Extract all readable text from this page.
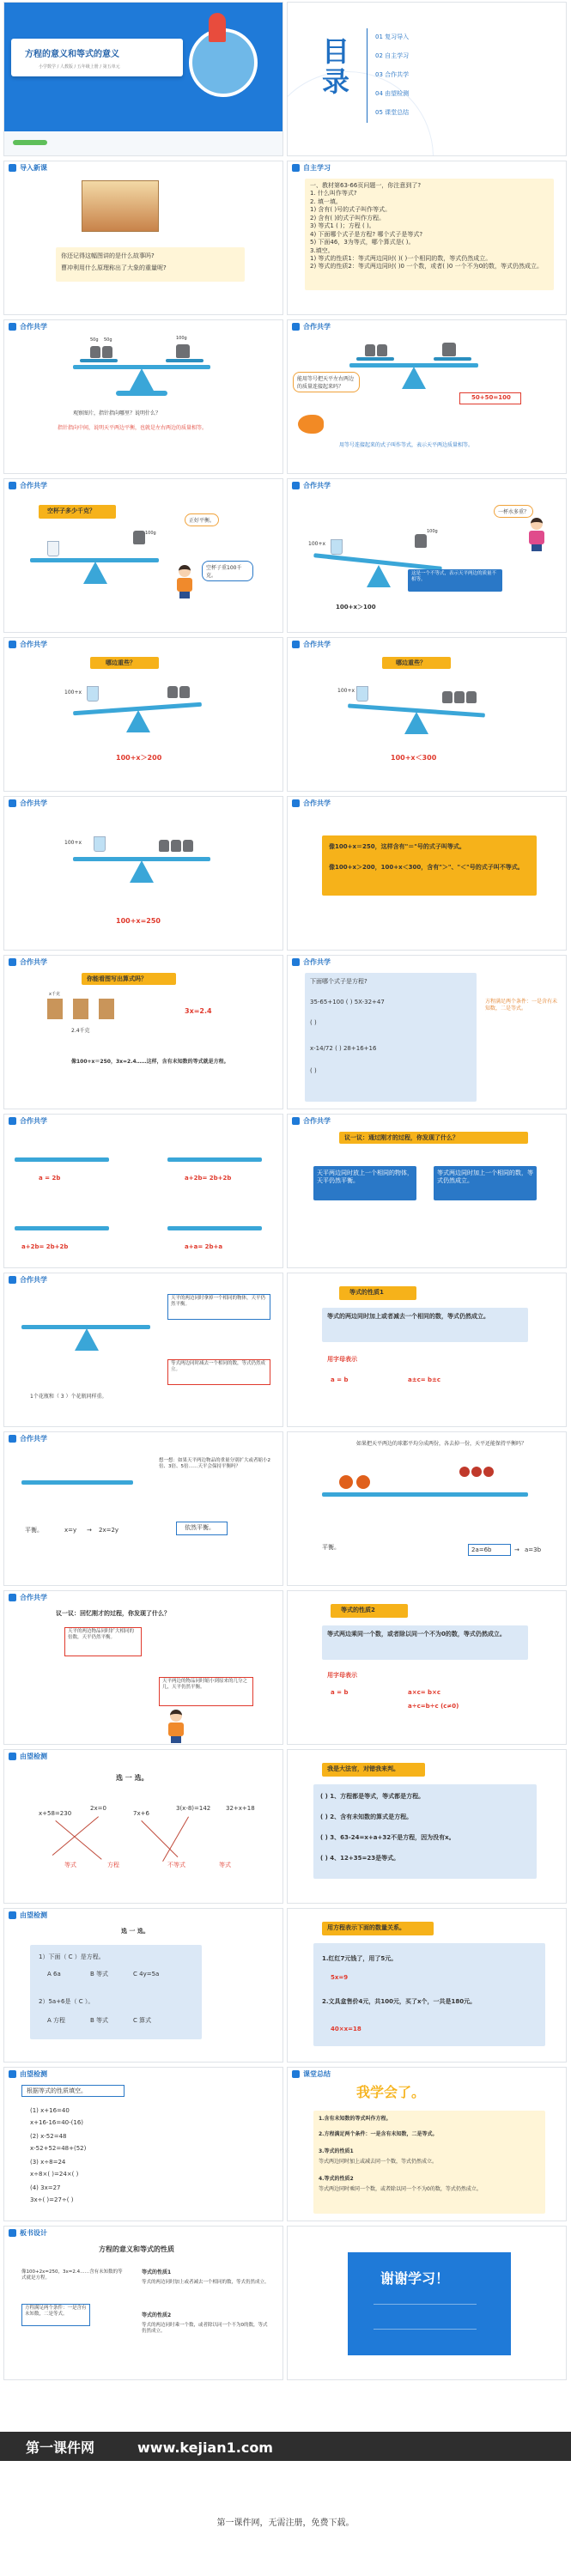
方程的意义和等式的意义
小学数学 / 人教版 / 五年级上册 / 第五单元	目录
01 复习导入
02 自主学习
03 合作共学
04 由望检测
05 课堂总结
导入新课
你还记得这幅图讲的是什么故事吗?
曹冲利用什么原理称出了大象的重量呢?
自主学习
一、教材第63-66页问题一，你注意到了?
1. 什么叫作等式?
2. 填一填。
1) 含有( )号的式子叫作等式。
2) 含有( )的式子叫作方程。
3) 等式1 ( )；方程 ( )。
4) 下面哪个式子是方程? 哪个式子是等式?
5) 下面46，3为等式，哪个算式是( )。
3.填空。
1) 等式的性质1：等式两边同时( )( )一个相同的数，等式仍然成立。
2) 等式的性质2：等式两边同时( )0 一个数，或者( )0 一个不为0的数，等式仍然成立。
合作共学
50g 50g	100g
观察图片，指针指向哪里？说明什么？
指针指向中间，说明天平两边平衡，也就是左右两边的质量相等。
合作共学
能用等号把天平左右两边的质量连接起来吗？
50+50=100
用等号连接起来的式子叫作等式，表示天平两边质量相等。
合作共学
空杯子多少千克？
100g
正好平衡。
空杯子重100千克。
合作共学
一杯水多重？
100+x
100g
这是一个不等式，表示天平两边的质量不相等。
100+x＞100
合作共学
哪边重些？
100+x
100+x＞200
合作共学
哪边重些？
100+x
100+x＜300
合作共学
100+x
100+x=250
合作共学
像100+x＝250，这样含有"＝"号的式子叫等式。
像100+x＞200，100+x＜300，含有"＞"、"＜"号的式子叫不等式。
合作共学
你能看图写出算式吗？
x千克
2.4千克
3x=2.4
像100+x＝250，3x=2.4……这样，含有未知数的等式就是方程。
合作共学
下面哪个式子是方程?
35-65+100 ( ) 5X-32+47
( )
x-14/72 ( ) 28+16+16
( )
方程满足两个条件：一是含有未知数，二是等式。
合作共学
a = 2b	a+2b= 2b+2b
a+2b= 2b+2b	a+a= 2b+a
合作共学
议一议：通过刚才的过程，你发现了什么？
天平两边同时放上一个相同的物体，天平仍然平衡。
等式两边同时加上一个相同的数，等式仍然成立。
合作共学
天平的两边同时拿掉一个相同的物体，天平仍然平衡。
等式两边同时减去一个相同的数，等式仍然成立。
1个花瓶和（ 3 ）个花瓶同样重。
等式的性质1
等式的两边同时加上或者减去一个相同的数，等式仍然成立。
用字母表示
a = b	a±c= b±c
合作共学
想一想：如果天平两边物品的重量分别扩大或者缩小2倍、3倍、5倍……天平会保持平衡吗？
平衡。	x=y → 2x=2y	依然平衡。
如果把天平两边的球都平均分成两份，各去掉一份，天平还能保持平衡吗？
平衡。	2a=6b	→ a=3b
合作共学
议一议：回忆刚才的过程，你发现了什么？
天平的两边物品同时扩大相同的倍数，天平仍然平衡。
天平两边的物品同时缩小到原来的几分之几，天平仍然平衡。
等式的性质2
等式两边乘同一个数，或者除以同一个不为0的数，等式仍然成立。
用字母表示
a = b	a×c= b×c
a÷c=b÷c (c≠0)
由望检测
选 一 选。
x+58=230
2x=0
7x+6
3(x-8)=142	32+x+18
等式	方程	不等式	等式
我是大法官，对错我来判。
( ) 1、方程都是等式，等式都是方程。
( ) 2、含有未知数的算式是方程。
( ) 3、63-24=x+a+32不是方程，因为没有x。
( ) 4、12+35=23是等式。
由望检测
选 一 选。
1）下面（ C ）是方程。
A 6a	B 等式	C 4y=5a
2）5a+6是（ C ）。
A 方程	B 等式	C 算式
用方程表示下面的数量关系。
1.红红7元钱了，用了5元。
5x=9
2.文具盒售价4元，共100元，买了x个，一共是180元。
40×x=18
由望检测
根据等式的性质填空。
(1) x+16=40
x+16-16=40-(16)
(2) x-52=48
x-52+52=48+(52)
(3) x÷8=24
x÷8×( )=24×( )
(4) 3x=27
3x÷( )=27÷( )
课堂总结
我学会了。
1.含有未知数的等式叫作方程。
2.方程满足两个条件：一是含有未知数，二是等式。
3.等式的性质1
等式两边同时加上或减去同一个数，等式仍然成立。
4.等式的性质2
等式两边同时乘同一个数，或者除以同一个不为0的数，等式仍然成立。
板书设计
方程的意义和等式的性质
像100+2x=250，3x=2.4……含有未知数的等式就是方程。
方程满足两个条件：一是含有未知数，二是等式。
等式的性质1
等式的两边同时加上或者减去一个相同的数，等式仍然成立。
等式的性质2
等式的两边同时乘一个数，或者除以同一个不为0的数，等式仍然成立。
谢谢学习！
第一课件网	www.kejian1.com
第一课件网，无需注册，免费下载。
